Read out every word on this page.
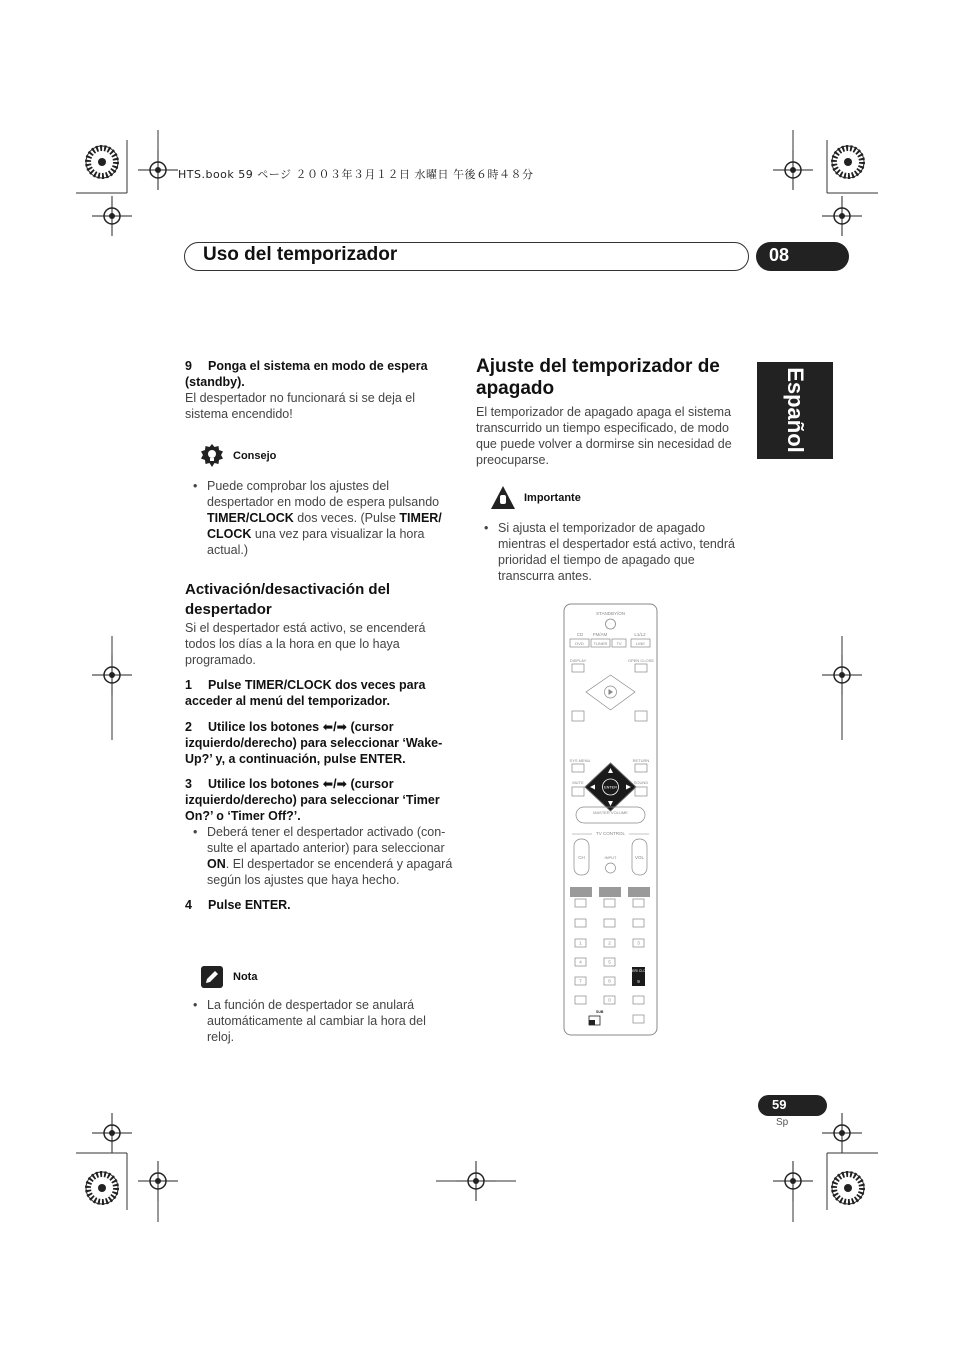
HTS.book 59 ページ ２００３年３月１２日 水曜日 午後６時４８分
Uso del temporizador	08
Español
9 Ponga el sistema en modo de espera (standby).
El despertador no funcionará si se deja el sistema encendido!
Consejo
• Puede comprobar los ajustes del despertador en modo de espera pulsando TIMER/CLOCK dos veces. (Pulse TIMER/ CLOCK una vez para visualizar la hora actual.)
Activación/desactivación del despertador
Si el despertador está activo, se encenderá todos los días a la hora en que lo haya programado.
1 Pulse TIMER/CLOCK dos veces para acceder al menú del temporizador.
2 Utilice los botones ⬅/➡ (cursor izquierdo/derecho) para seleccionar ‘Wake-Up?’ y, a continuación, pulse ENTER.
3 Utilice los botones ⬅/➡ (cursor izquierdo/derecho) para seleccionar ‘Timer On?’ o ‘Timer Off?’.
• Deberá tener el despertador activado (con-sulte el apartado anterior) para seleccionar ON. El despertador se encenderá y apagará según los ajustes que haya hecho.
4 Pulse ENTER.
Nota
• La función de despertador se anulará automáticamente al cambiar la hora del reloj.
Ajuste del temporizador de apagado
El temporizador de apagado apaga el sistema transcurrido un tiempo especificado, de modo que puede volver a dormirse sin necesidad de preocuparse.
Importante
• Si ajusta el temporizador de apagado mientras el despertador está activo, tendrá prioridad el tiempo de apagado que transcurra antes.
STANDBY/ON
CD FM/AM	L1/L2
DVD TUNER TV	LINE
DISPLAY	OPEN CLOSE
SYS MENU	RETURN
ENTER
MUTE	SOUND
MASTER VOLUME
TV CONTROL
CH	INPUT	VOL
1	2	3
4	5
TIMER/ CLOCK
7	8	9
0
SUB
59
Sp
